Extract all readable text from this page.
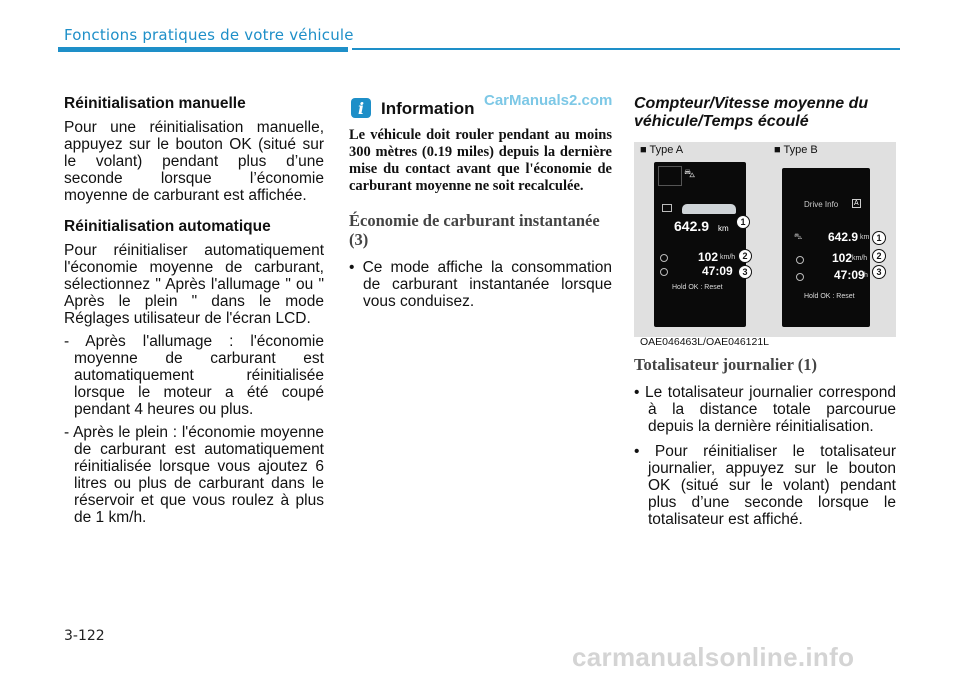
Fonctions pratiques de votre véhicule
CarManuals2.com
Réinitialisation manuelle

Pour une réinitialisation manuelle, appuyez sur le bouton OK (situé sur le volant) pendant plus d’une seconde lorsque l’économie moyenne de carburant est affichée.

Réinitialisation automatique

Pour réinitialiser automatiquement l'économie moyenne de carburant, sélectionnez " Après l'allumage " ou " Après le plein " dans le mode Réglages utilisateur de l'écran LCD.

- Après l'allumage : l'économie moyenne de carburant est automatiquement réinitialisée lorsque le moteur a été coupé pendant 4 heures ou plus.
- Après le plein : l'économie moyenne de carburant est automatiquement réinitialisée lorsque vous ajoutez 6 litres ou plus de carburant dans le réservoir et que vous roulez à plus de 1 km/h.
i Information
Le véhicule doit rouler pendant au moins 300 mètres (0.19 miles) depuis la dernière mise du contact avant que l'économie de carburant moyenne ne soit recalculée.
Économie de carburant instantanée (3)
• Ce mode affiche la consommation de carburant instantanée lorsque vous conduisez.
Compteur/Vitesse moyenne du véhicule/Temps écoulé
■ Type A	■ Type B
⛍
642.9 km
102 km/h
47:09
Hold OK : Reset
1
2
3
Drive Info A
⛍ 642.9 km
102 km/h
47:09 h
Hold OK : Reset
1
2
3
OAE046463L/OAE046121L
Totalisateur journalier (1)
• Le totalisateur journalier correspond à la distance totale parcourue depuis la dernière réinitialisation.
• Pour réinitialiser le totalisateur journalier, appuyez sur le bouton OK (situé sur le volant) pendant plus d’une seconde lorsque le totalisateur est affiché.
3-122
carmanualsonline.info
